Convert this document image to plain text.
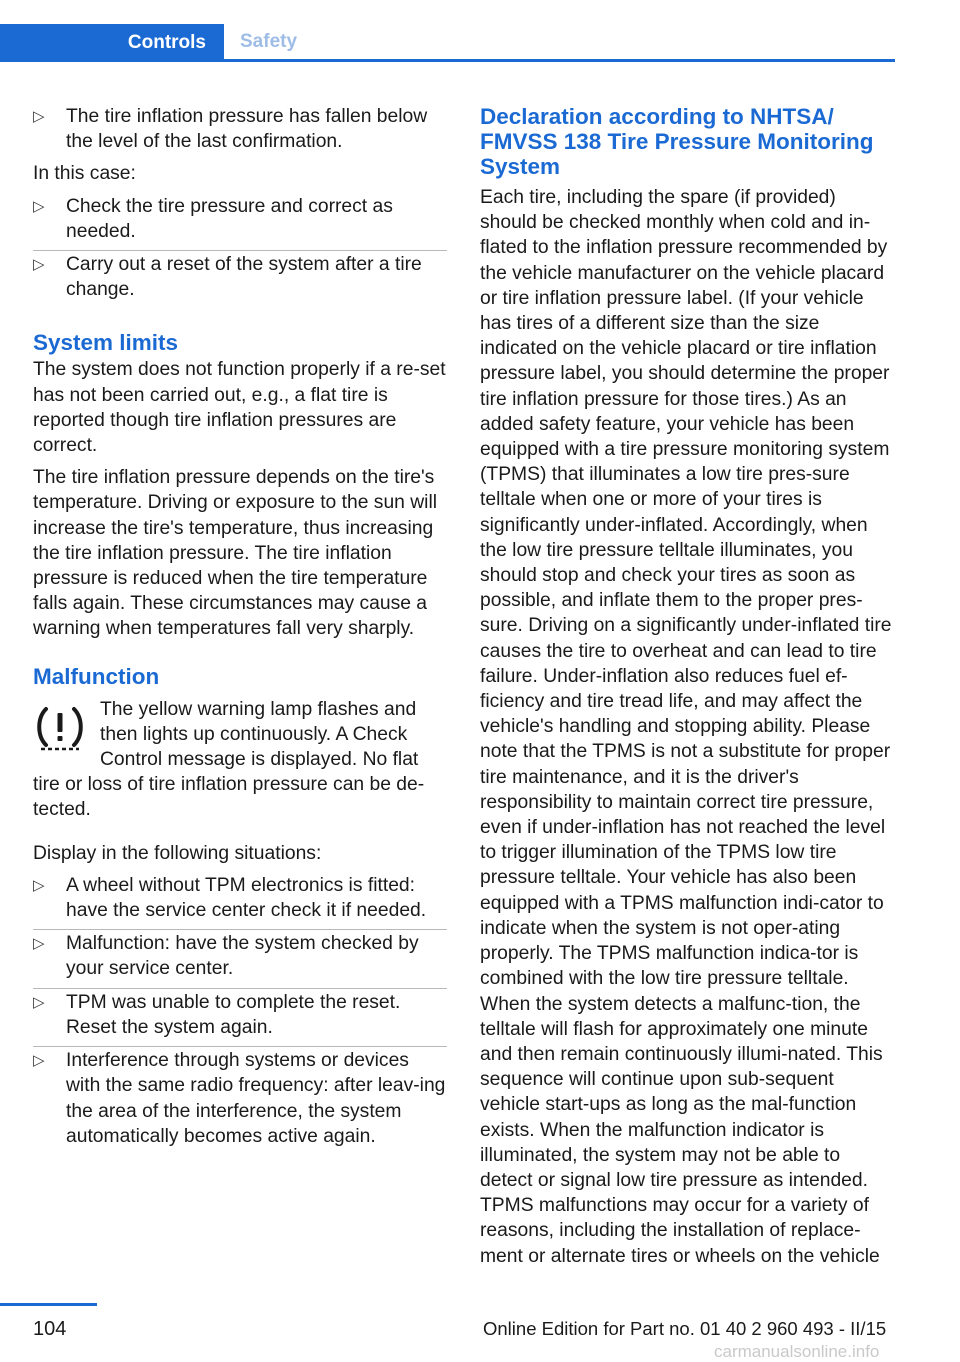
Controls	Safety
▷ The tire inflation pressure has fallen below the level of the last confirmation.

In this case:

▷ Check the tire pressure and correct as needed.
▷ Carry out a reset of the system after a tire change.
System limits

The system does not function properly if a re-set has not been carried out, e.g., a flat tire is reported though tire inflation pressures are correct.

The tire inflation pressure depends on the tire's temperature. Driving or exposure to the sun will increase the tire's temperature, thus increasing the tire inflation pressure. The tire inflation pressure is reduced when the tire temperature falls again. These circumstances may cause a warning when temperatures fall very sharply.

Malfunction
The yellow warning lamp flashes and
then lights up continuously. A Check
Control message is displayed. No flat
tire or loss of tire inflation pressure can be de-tected.

Display in the following situations:

▷ A wheel without TPM electronics is fitted: have the service center check it if needed.
▷ Malfunction: have the system checked by your service center.
▷ TPM was unable to complete the reset. Reset the system again.
▷ Interference through systems or devices with the same radio frequency: after leav-ing the area of the interference, the system automatically becomes active again.
Declaration according to NHTSA/ FMVSS 138 Tire Pressure Monitoring System

Each tire, including the spare (if provided) should be checked monthly when cold and in-flated to the inflation pressure recommended by the vehicle manufacturer on the vehicle placard or tire inflation pressure label. (If your vehicle has tires of a different size than the size indicated on the vehicle placard or tire inflation pressure label, you should determine the proper tire inflation pressure for those tires.) As an added safety feature, your vehicle has been equipped with a tire pressure monitoring system (TPMS) that illuminates a low tire pres-sure telltale when one or more of your tires is significantly under-inflated. Accordingly, when the low tire pressure telltale illuminates, you should stop and check your tires as soon as possible, and inflate them to the proper pres-sure. Driving on a significantly under-inflated tire causes the tire to overheat and can lead to tire failure. Under-inflation also reduces fuel ef-ficiency and tire tread life, and may affect the vehicle's handling and stopping ability. Please note that the TPMS is not a substitute for proper tire maintenance, and it is the driver's responsibility to maintain correct tire pressure, even if under-inflation has not reached the level to trigger illumination of the TPMS low tire pressure telltale. Your vehicle has also been equipped with a TPMS malfunction indi-cator to indicate when the system is not oper-ating properly. The TPMS malfunction indica-tor is combined with the low tire pressure telltale. When the system detects a malfunc-tion, the telltale will flash for approximately one minute and then remain continuously illumi-nated. This sequence will continue upon sub-sequent vehicle start-ups as long as the mal-function exists. When the malfunction indicator is illuminated, the system may not be able to detect or signal low tire pressure as intended. TPMS malfunctions may occur for a variety of reasons, including the installation of replace-ment or alternate tires or wheels on the vehicle

104	Online Edition for Part no. 01 40 2 960 493 - II/15
carmanualsonline.info
